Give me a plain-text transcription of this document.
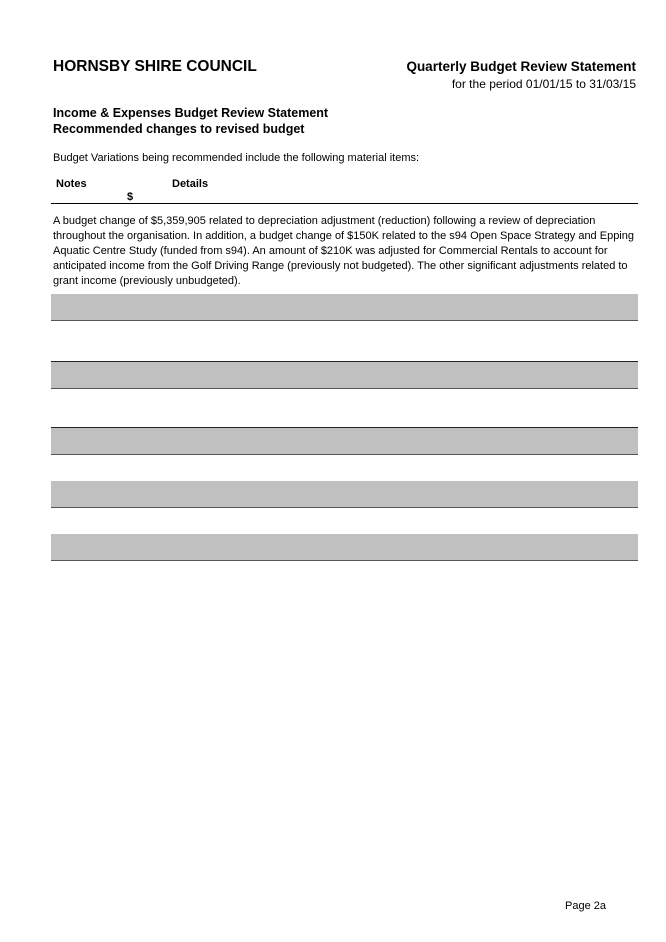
HORNSBY SHIRE COUNCIL	Quarterly Budget Review Statement
for the period 01/01/15 to 31/03/15
Income & Expenses Budget Review Statement
Recommended changes to revised budget
Budget Variations being recommended include the following material items:
Notes	Details
$
A budget change of $5,359,905 related to depreciation adjustment (reduction) following a review of depreciation throughout the organisation. In addition, a budget change of $150K related to the s94 Open Space Strategy and Epping Aquatic Centre Study (funded from s94). An amount of $210K was adjusted for Commercial Rentals to account for anticipated income from the Golf Driving Range (previously not budgeted). The other significant adjustments related to grant income (previously unbudgeted).
Page 2a
